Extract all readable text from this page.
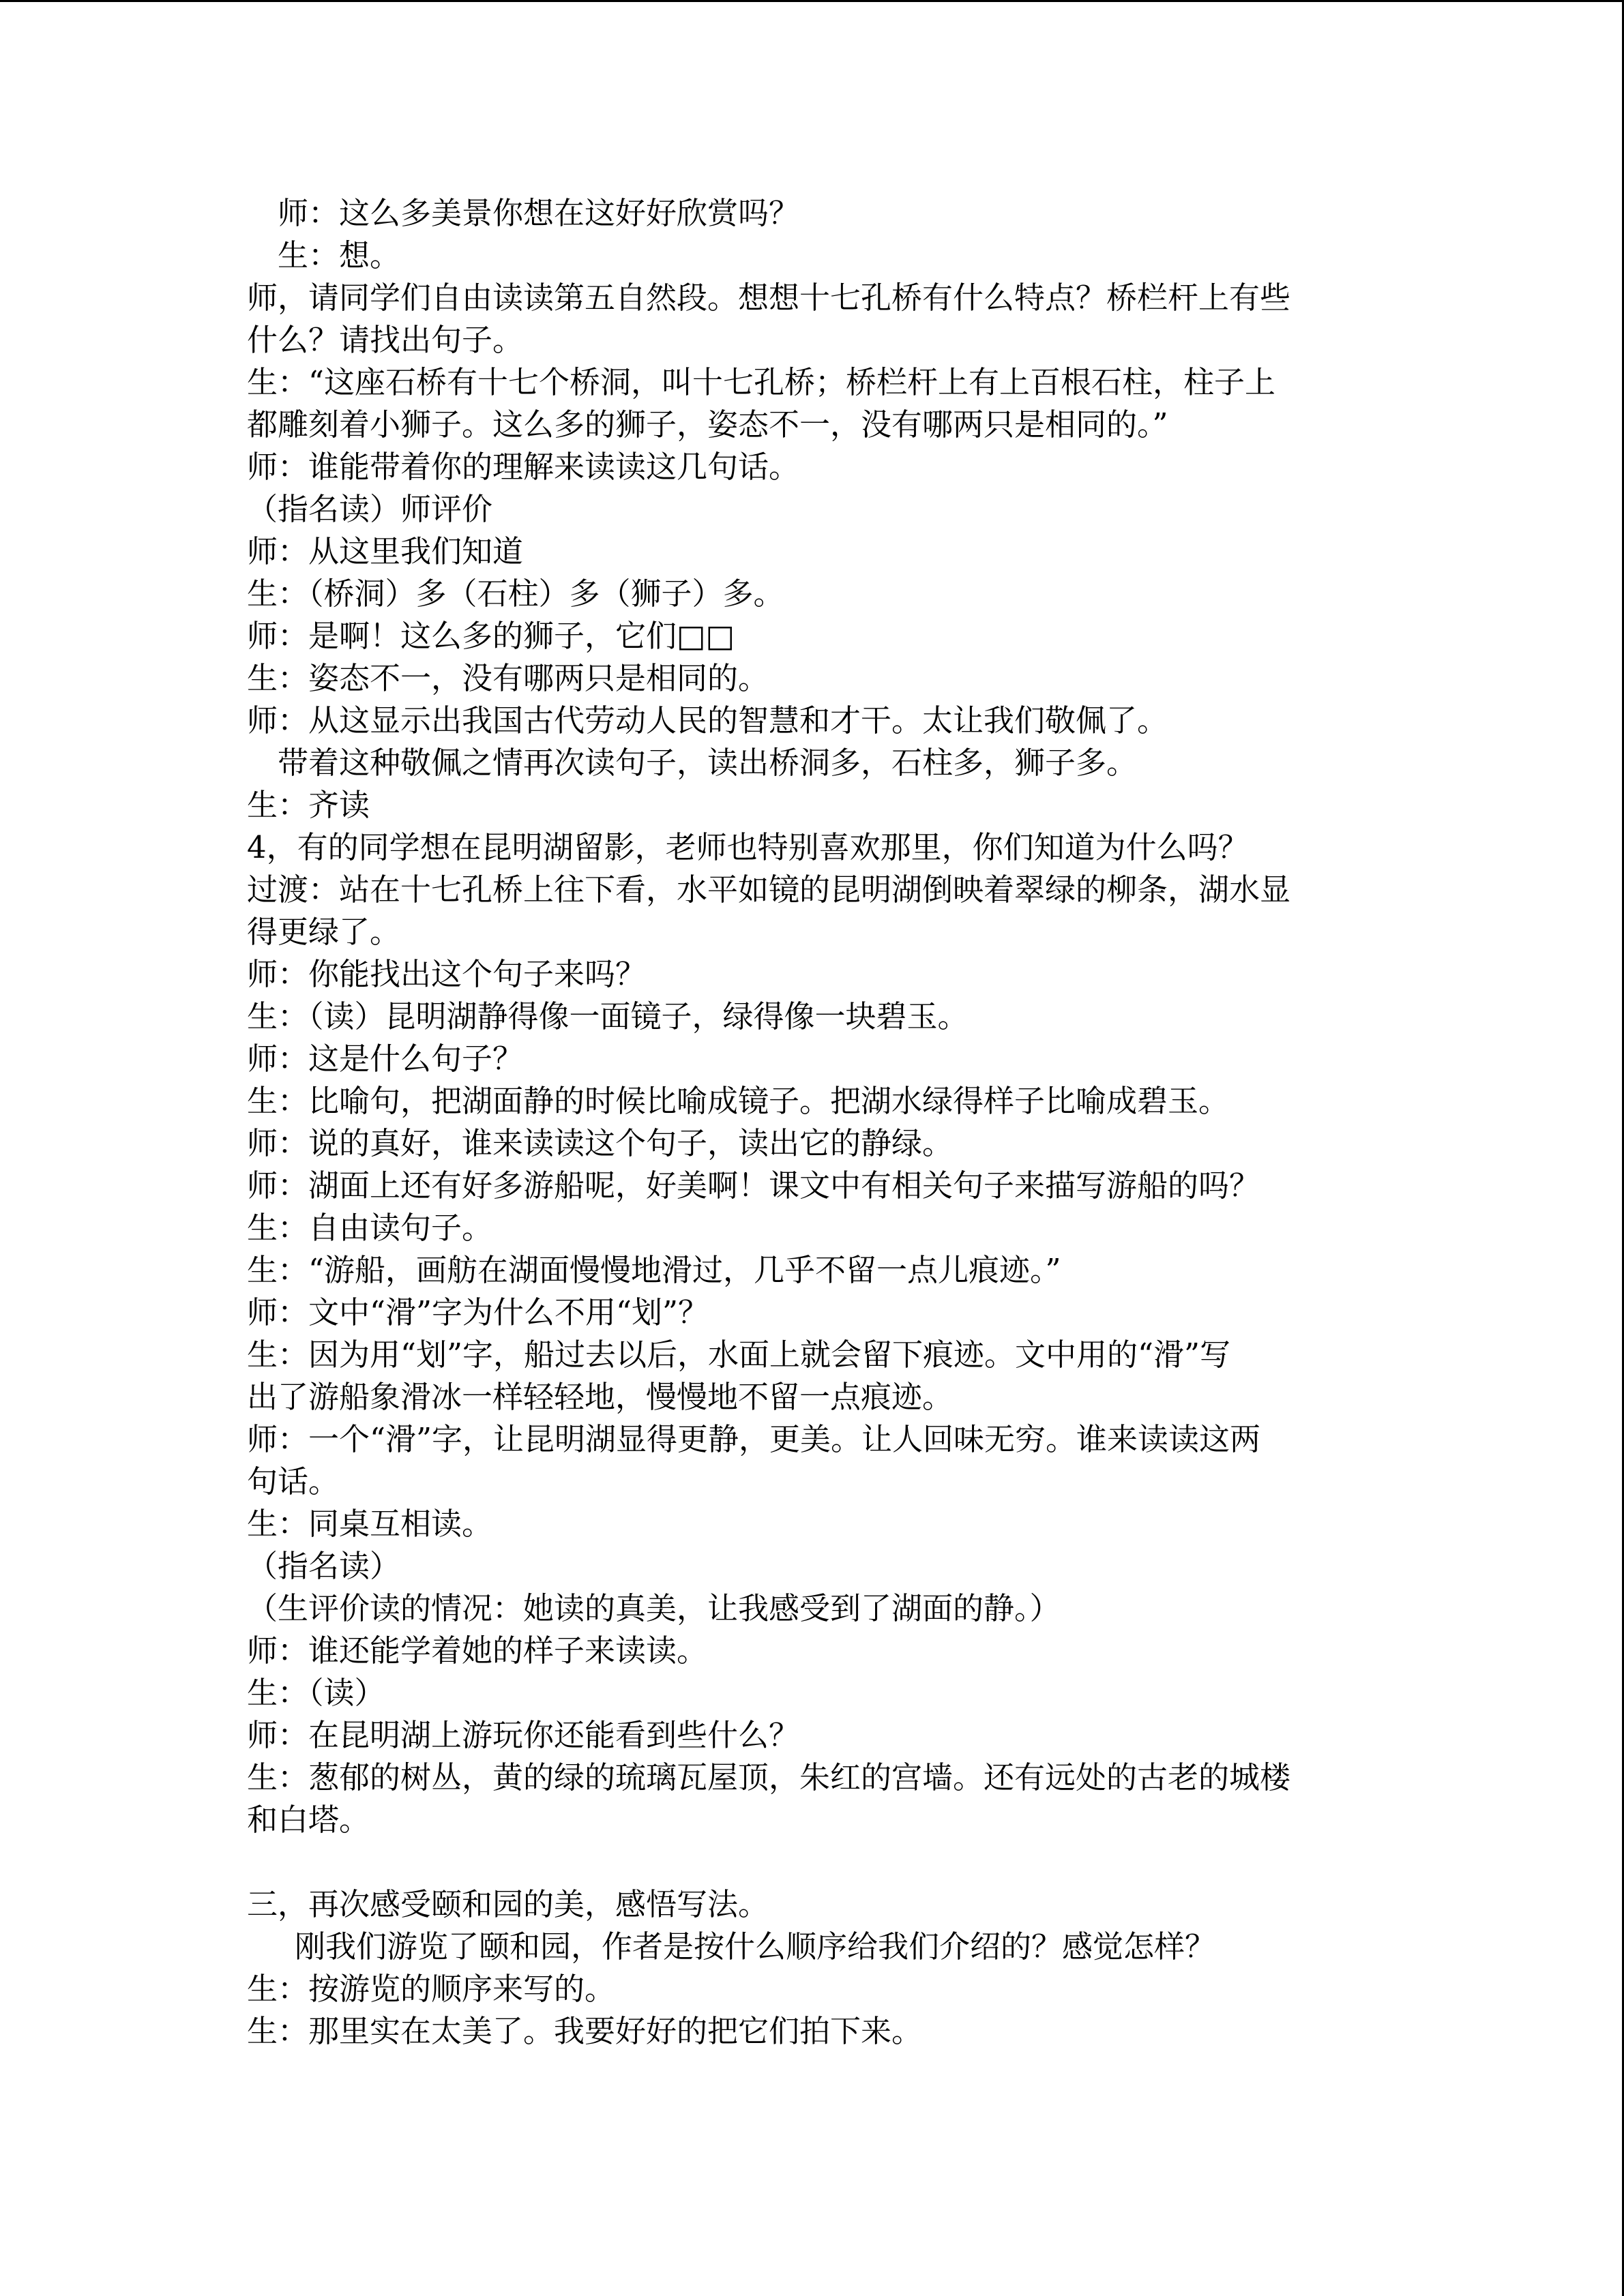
师：这么多美景你想在这好好欣赏吗？
生：想。
师，请同学们自由读读第五自然段。想想十七孔桥有什么特点？桥栏杆上有些
什么？请找出句子。
生：“这座石桥有十七个桥洞，叫十七孔桥；桥栏杆上有上百根石柱，柱子上
都雕刻着小狮子。这么多的狮子，姿态不一，没有哪两只是相同的。”
师：谁能带着你的理解来读读这几句话。
（指名读）师评价
师：从这里我们知道
生：（桥洞）多（石柱）多（狮子）多。
师：是啊！这么多的狮子，它们□□
生：姿态不一，没有哪两只是相同的。
师：从这显示出我国古代劳动人民的智慧和才干。太让我们敬佩了。
带着这种敬佩之情再次读句子，读出桥洞多，石柱多，狮子多。
生：齐读
4，有的同学想在昆明湖留影，老师也特别喜欢那里，你们知道为什么吗？
过渡：站在十七孔桥上往下看，水平如镜的昆明湖倒映着翠绿的柳条，湖水显
得更绿了。
师：你能找出这个句子来吗？
生：（读）昆明湖静得像一面镜子，绿得像一块碧玉。
师：这是什么句子？
生：比喻句，把湖面静的时候比喻成镜子。把湖水绿得样子比喻成碧玉。
师：说的真好，谁来读读这个句子，读出它的静绿。
师：湖面上还有好多游船呢，好美啊！课文中有相关句子来描写游船的吗？
生：自由读句子。
生：“游船，画舫在湖面慢慢地滑过，几乎不留一点儿痕迹。”
师：文中“滑”字为什么不用“划”？
生：因为用“划”字，船过去以后，水面上就会留下痕迹。文中用的“滑”写
出了游船象滑冰一样轻轻地，慢慢地不留一点痕迹。
师：一个“滑”字，让昆明湖显得更静，更美。让人回味无穷。谁来读读这两
句话。
生：同桌互相读。
（指名读）
（生评价读的情况：她读的真美，让我感受到了湖面的静。）
师：谁还能学着她的样子来读读。
生：（读）
师：在昆明湖上游玩你还能看到些什么？
生：葱郁的树丛，黄的绿的琉璃瓦屋顶，朱红的宫墙。还有远处的古老的城楼
和白塔。
三，再次感受颐和园的美，感悟写法。
刚我们游览了颐和园，作者是按什么顺序给我们介绍的？感觉怎样？
生：按游览的顺序来写的。
生：那里实在太美了。我要好好的把它们拍下来。
